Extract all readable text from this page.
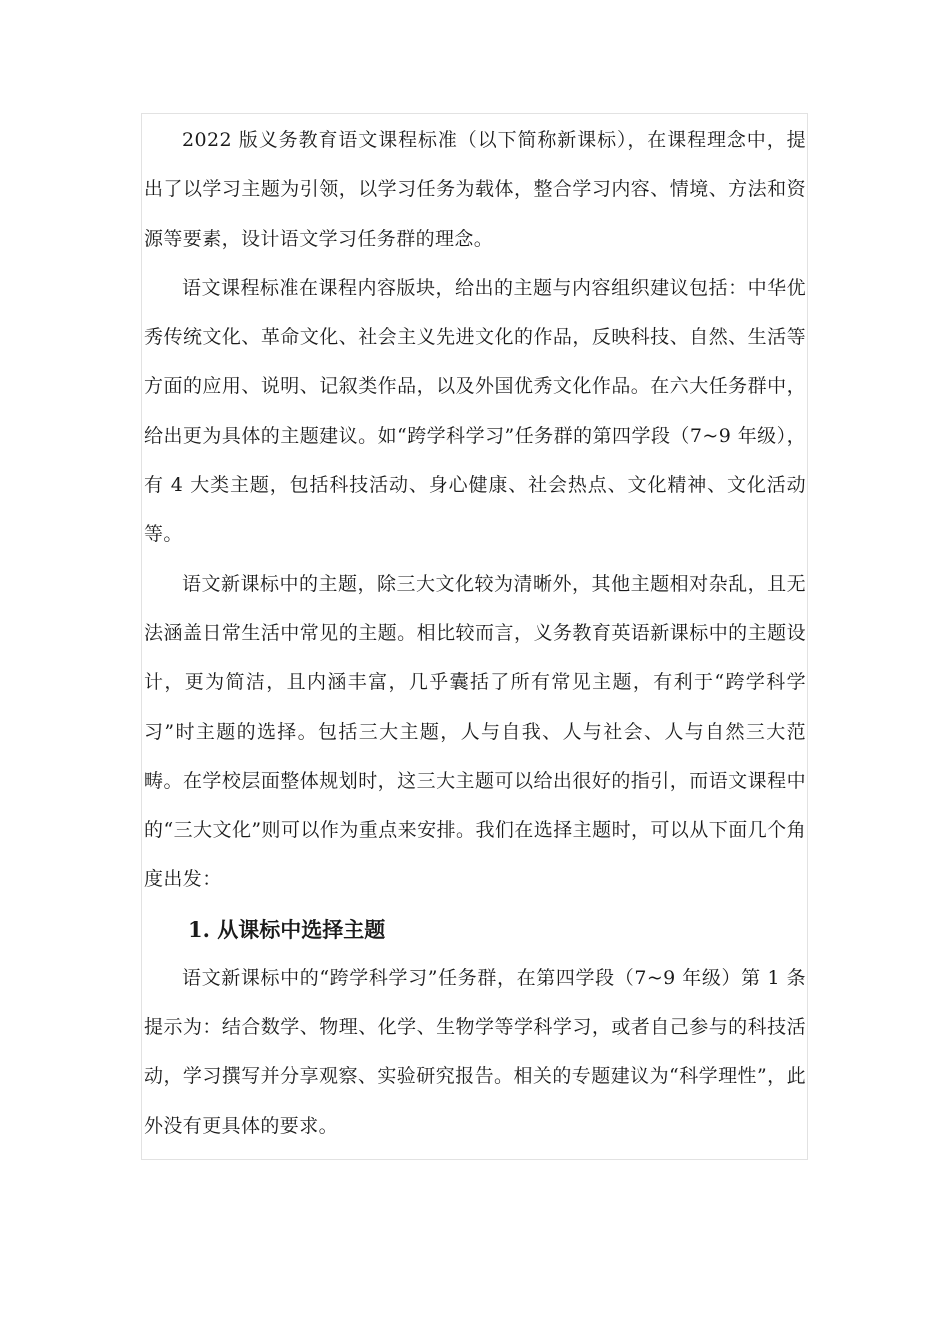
2022 版义务教育语文课程标准（以下简称新课标），在课程理念中，提出了以学习主题为引领，以学习任务为载体，整合学习内容、情境、方法和资源等要素，设计语文学习任务群的理念。

语文课程标准在课程内容版块，给出的主题与内容组织建议包括：中华优秀传统文化、革命文化、社会主义先进文化的作品，反映科技、自然、生活等方面的应用、说明、记叙类作品，以及外国优秀文化作品。在六大任务群中，给出更为具体的主题建议。如“跨学科学习”任务群的第四学段（7~9 年级），有 4 大类主题，包括科技活动、身心健康、社会热点、文化精神、文化活动等。

语文新课标中的主题，除三大文化较为清晰外，其他主题相对杂乱，且无法涵盖日常生活中常见的主题。相比较而言，义务教育英语新课标中的主题设计，更为简洁，且内涵丰富，几乎囊括了所有常见主题，有利于“跨学科学习”时主题的选择。包括三大主题，人与自我、人与社会、人与自然三大范畴。在学校层面整体规划时，这三大主题可以给出很好的指引，而语文课程中的“三大文化”则可以作为重点来安排。我们在选择主题时，可以从下面几个角度出发：

1. 从课标中选择主题

语文新课标中的“跨学科学习”任务群，在第四学段（7~9 年级）第 1 条提示为：结合数学、物理、化学、生物学等学科学习，或者自己参与的科技活动，学习撰写并分享观察、实验研究报告。相关的专题建议为“科学理性”，此外没有更具体的要求。
